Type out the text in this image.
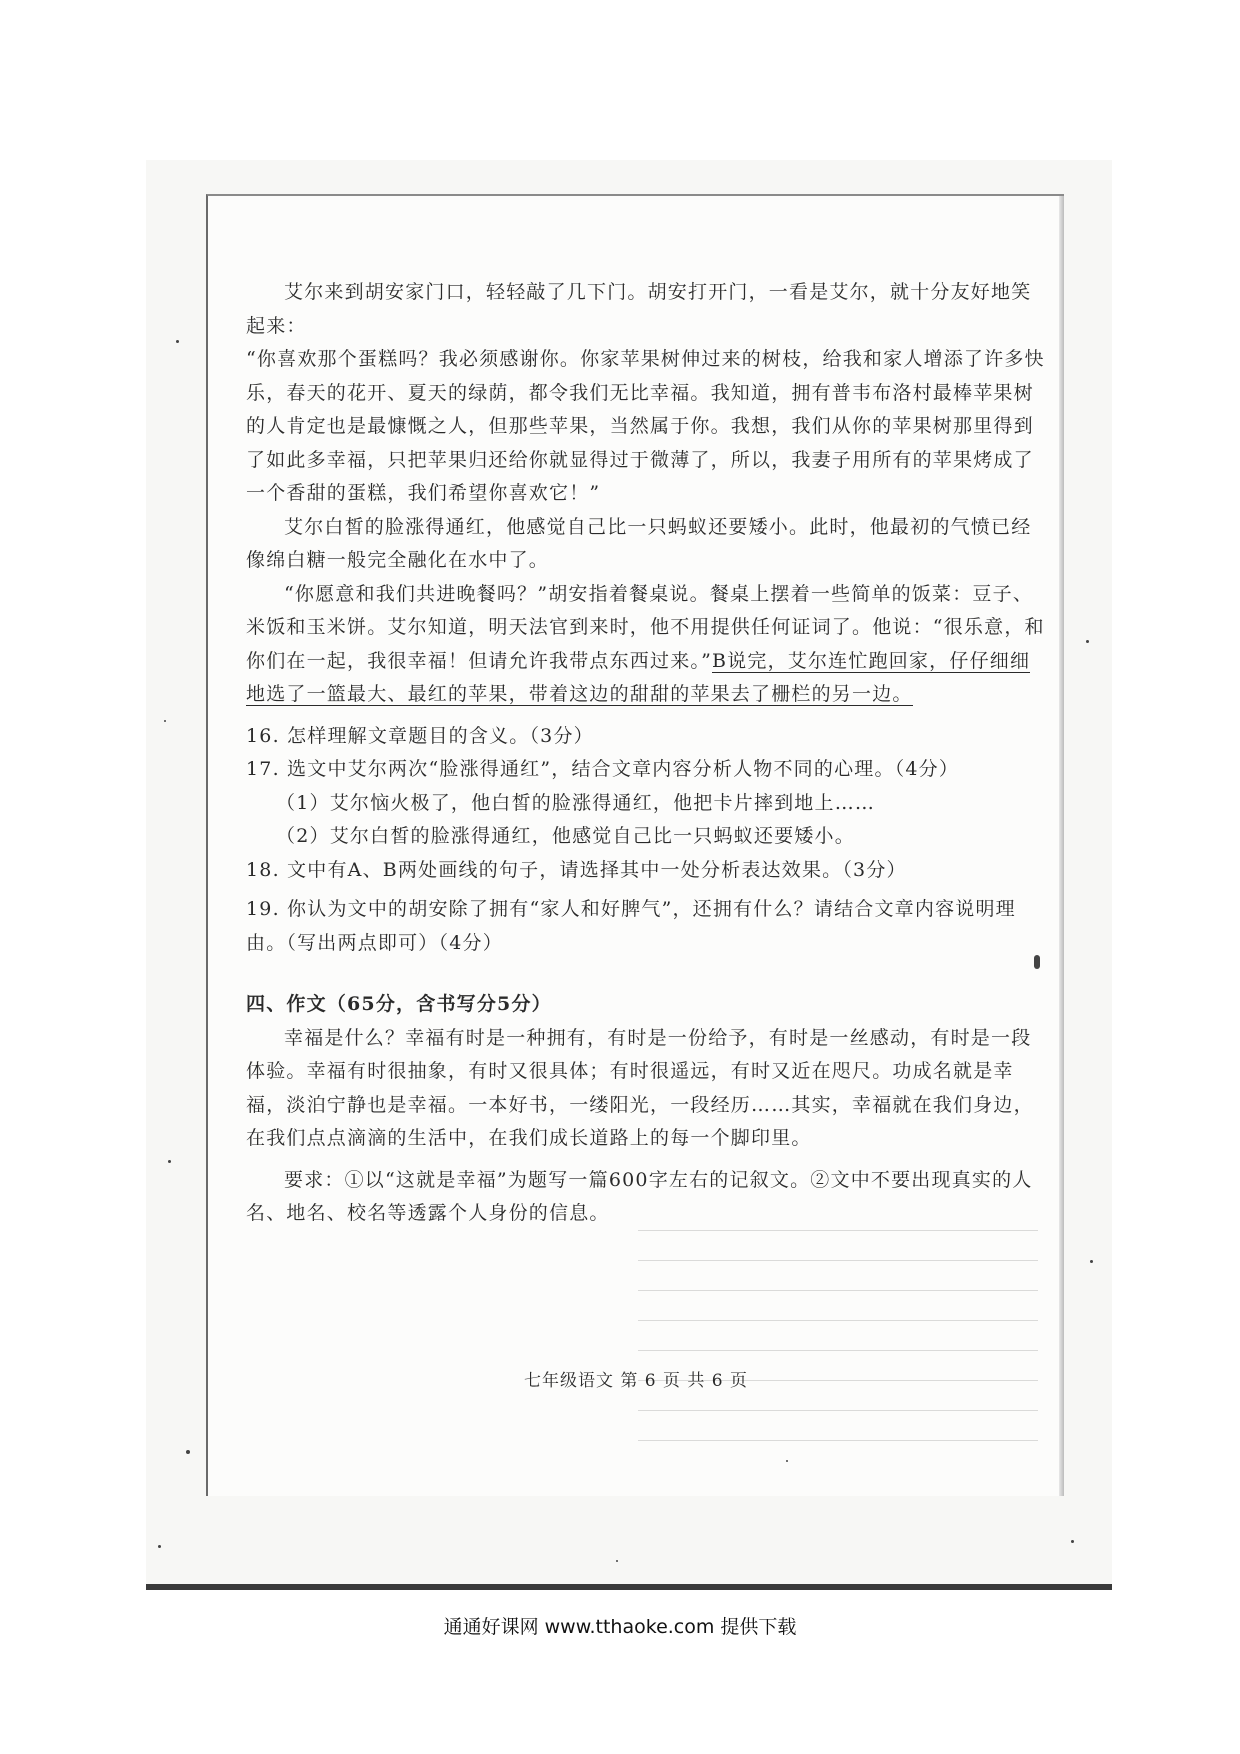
艾尔来到胡安家门口，轻轻敲了几下门。胡安打开门，一看是艾尔，就十分友好地笑起来：

“你喜欢那个蛋糕吗？我必须感谢你。你家苹果树伸过来的树枝，给我和家人增添了许多快乐，春天的花开、夏天的绿荫，都令我们无比幸福。我知道，拥有普韦布洛村最棒苹果树的人肯定也是最慷慨之人，但那些苹果，当然属于你。我想，我们从你的苹果树那里得到了如此多幸福，只把苹果归还给你就显得过于微薄了，所以，我妻子用所有的苹果烤成了一个香甜的蛋糕，我们希望你喜欢它！”

艾尔白皙的脸涨得通红，他感觉自己比一只蚂蚁还要矮小。此时，他最初的气愤已经像绵白糖一般完全融化在水中了。

“你愿意和我们共进晚餐吗？”胡安指着餐桌说。餐桌上摆着一些简单的饭菜：豆子、米饭和玉米饼。艾尔知道，明天法官到来时，他不用提供任何证词了。他说：“很乐意，和你们在一起，我很幸福！但请允许我带点东西过来。”B说完，艾尔连忙跑回家，仔仔细细地选了一篮最大、最红的苹果，带着这边的甜甜的苹果去了栅栏的另一边。

16. 怎样理解文章题目的含义。（3分）

17. 选文中艾尔两次“脸涨得通红”，结合文章内容分析人物不同的心理。（4分）

（1）艾尔恼火极了，他白皙的脸涨得通红，他把卡片摔到地上……

（2）艾尔白皙的脸涨得通红，他感觉自己比一只蚂蚁还要矮小。

18. 文中有A、B两处画线的句子，请选择其中一处分析表达效果。（3分）

19. 你认为文中的胡安除了拥有“家人和好脾气”，还拥有什么？请结合文章内容说明理由。（写出两点即可）（4分）

四、作文（65分，含书写分5分）

幸福是什么？幸福有时是一种拥有，有时是一份给予，有时是一丝感动，有时是一段体验。幸福有时很抽象，有时又很具体；有时很遥远，有时又近在咫尺。功成名就是幸福，淡泊宁静也是幸福。一本好书，一缕阳光，一段经历……其实，幸福就在我们身边，在我们点点滴滴的生活中，在我们成长道路上的每一个脚印里。

要求：①以“这就是幸福”为题写一篇600字左右的记叙文。②文中不要出现真实的人名、地名、校名等透露个人身份的信息。

七年级语文 第 6 页 共 6 页
通通好课网 www.tthaoke.com 提供下载
